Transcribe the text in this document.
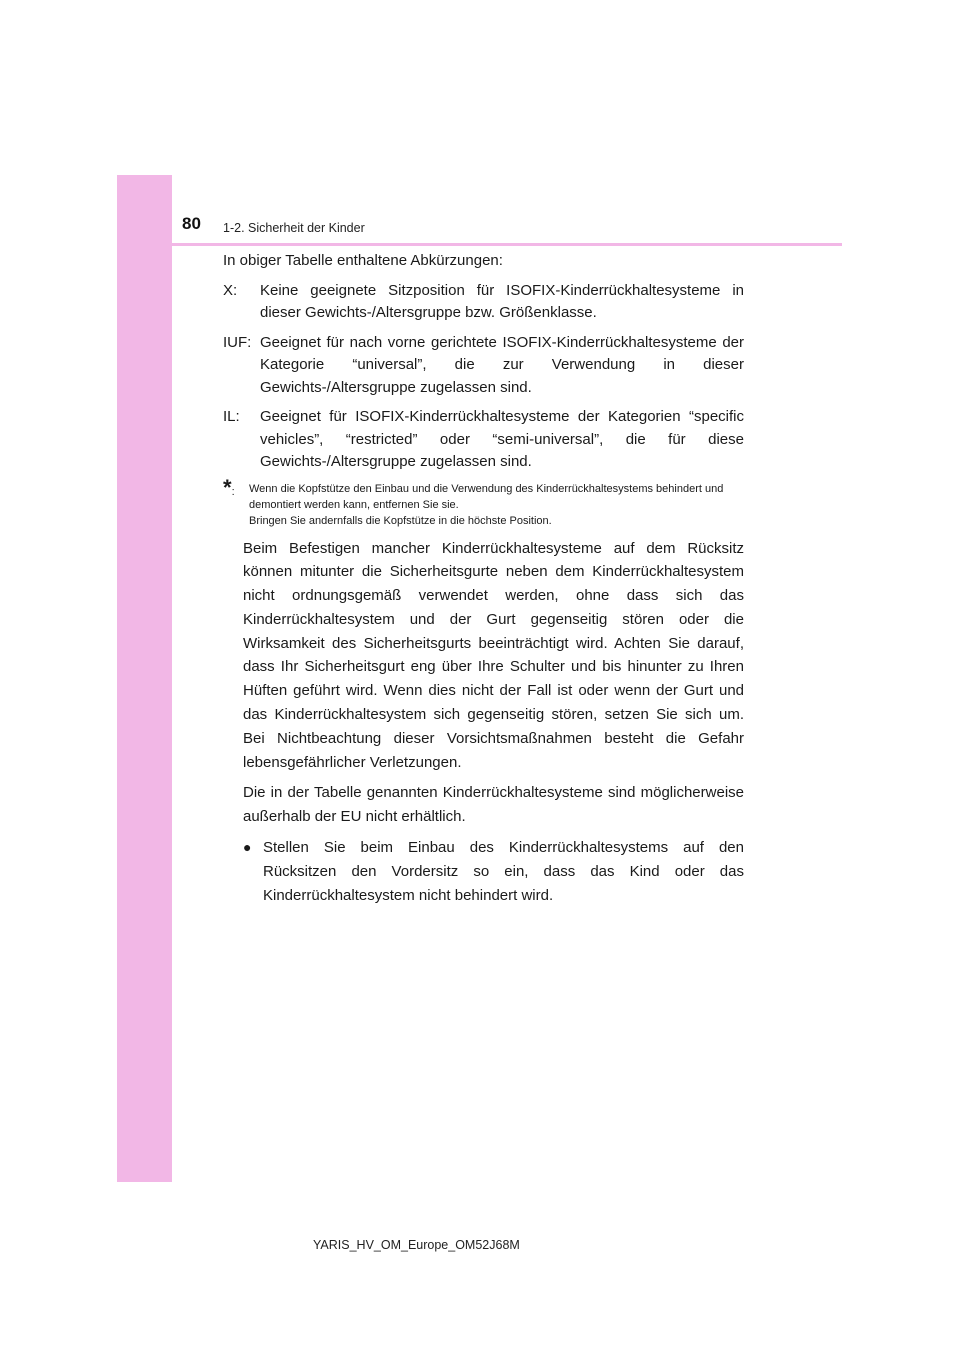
80 1-2. Sicherheit der Kinder

In obiger Tabelle enthaltene Abkürzungen:

X:	Keine geeignete Sitzposition für ISOFIX-Kinderrückhaltesysteme in dieser Gewichts-/Altersgruppe bzw. Größenklasse.
IUF: Geeignet für nach vorne gerichtete ISOFIX-Kinderrückhaltesysteme der Kategorie “universal”, die zur Verwendung in dieser Gewichts-/Altersgruppe zugelassen sind.
IL:	Geeignet für ISOFIX-Kinderrückhaltesysteme der Kategorien “specific vehicles”, “restricted” oder “semi-universal”, die für diese Gewichts-/Altersgruppe zugelassen sind.
*: Wenn die Kopfstütze den Einbau und die Verwendung des Kinderrückhaltesystems behindert und demontiert werden kann, entfernen Sie sie.
Bringen Sie andernfalls die Kopfstütze in die höchste Position.

Beim Befestigen mancher Kinderrückhaltesysteme auf dem Rücksitz können mitunter die Sicherheitsgurte neben dem Kinderrückhaltesystem nicht ordnungsgemäß verwendet werden, ohne dass sich das Kinderrückhaltesystem und der Gurt gegenseitig stören oder die Wirksamkeit des Sicherheitsgurts beeinträchtigt wird. Achten Sie darauf, dass Ihr Sicherheitsgurt eng über Ihre Schulter und bis hinunter zu Ihren Hüften geführt wird. Wenn dies nicht der Fall ist oder wenn der Gurt und das Kinderrückhaltesystem sich gegenseitig stören, setzen Sie sich um. Bei Nichtbeachtung dieser Vorsichtsmaßnahmen besteht die Gefahr lebensgefährlicher Verletzungen.

Die in der Tabelle genannten Kinderrückhaltesysteme sind möglicherweise außerhalb der EU nicht erhältlich.

● Stellen Sie beim Einbau des Kinderrückhaltesystems auf den Rücksitzen den Vordersitz so ein, dass das Kind oder das Kinderrückhaltesystem nicht behindert wird.
YARIS_HV_OM_Europe_OM52J68M
